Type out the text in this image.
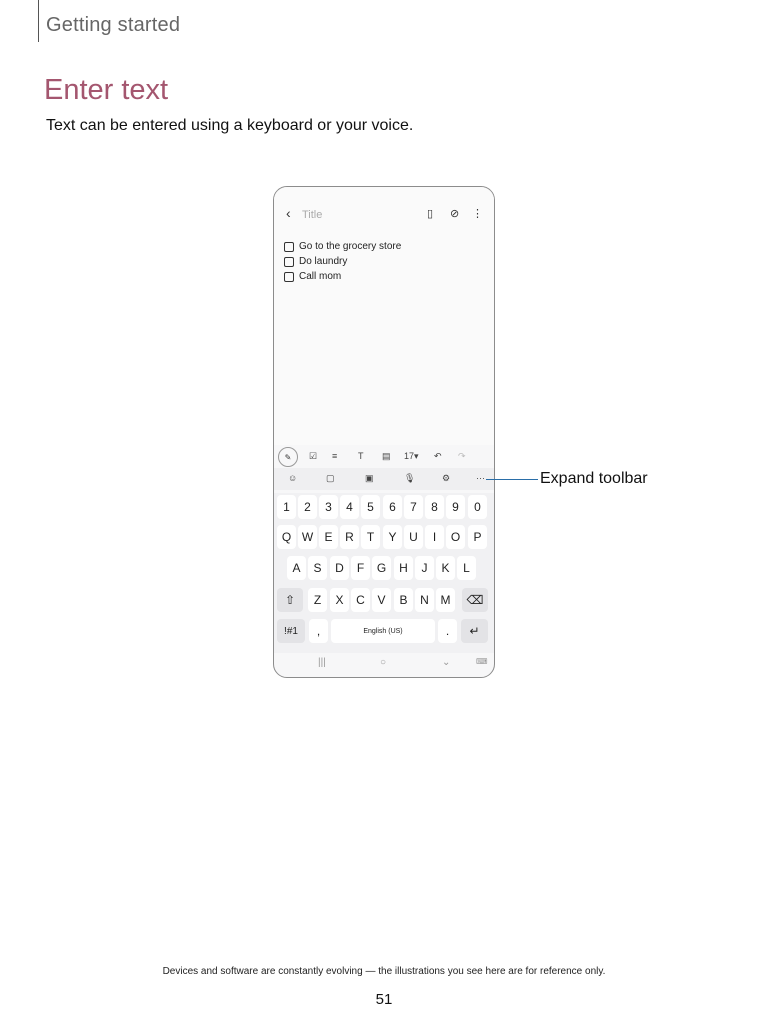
Getting started
Enter text
Text can be entered using a keyboard or your voice.
‹ Title	▯ ⊘ ⋮
Go to the grocery store
Do laundry
Call mom
✎	☑ ≡ T ▤ 17▾ ↶ ↷
☺	▢	▣	🎙	⚙	···
1	2	3	4	5	6	7	8	9	0
Q W E	R	T	Y	U	I	O	P
A	S	D	F	G	H	J	K	L
⇧	Z	X	C	V	B	N M	⌫
!#1	,	English (US)	.	↵
|||	○	⌄	⌨
Expand toolbar
Devices and software are constantly evolving — the illustrations you see here are for reference only.
51
